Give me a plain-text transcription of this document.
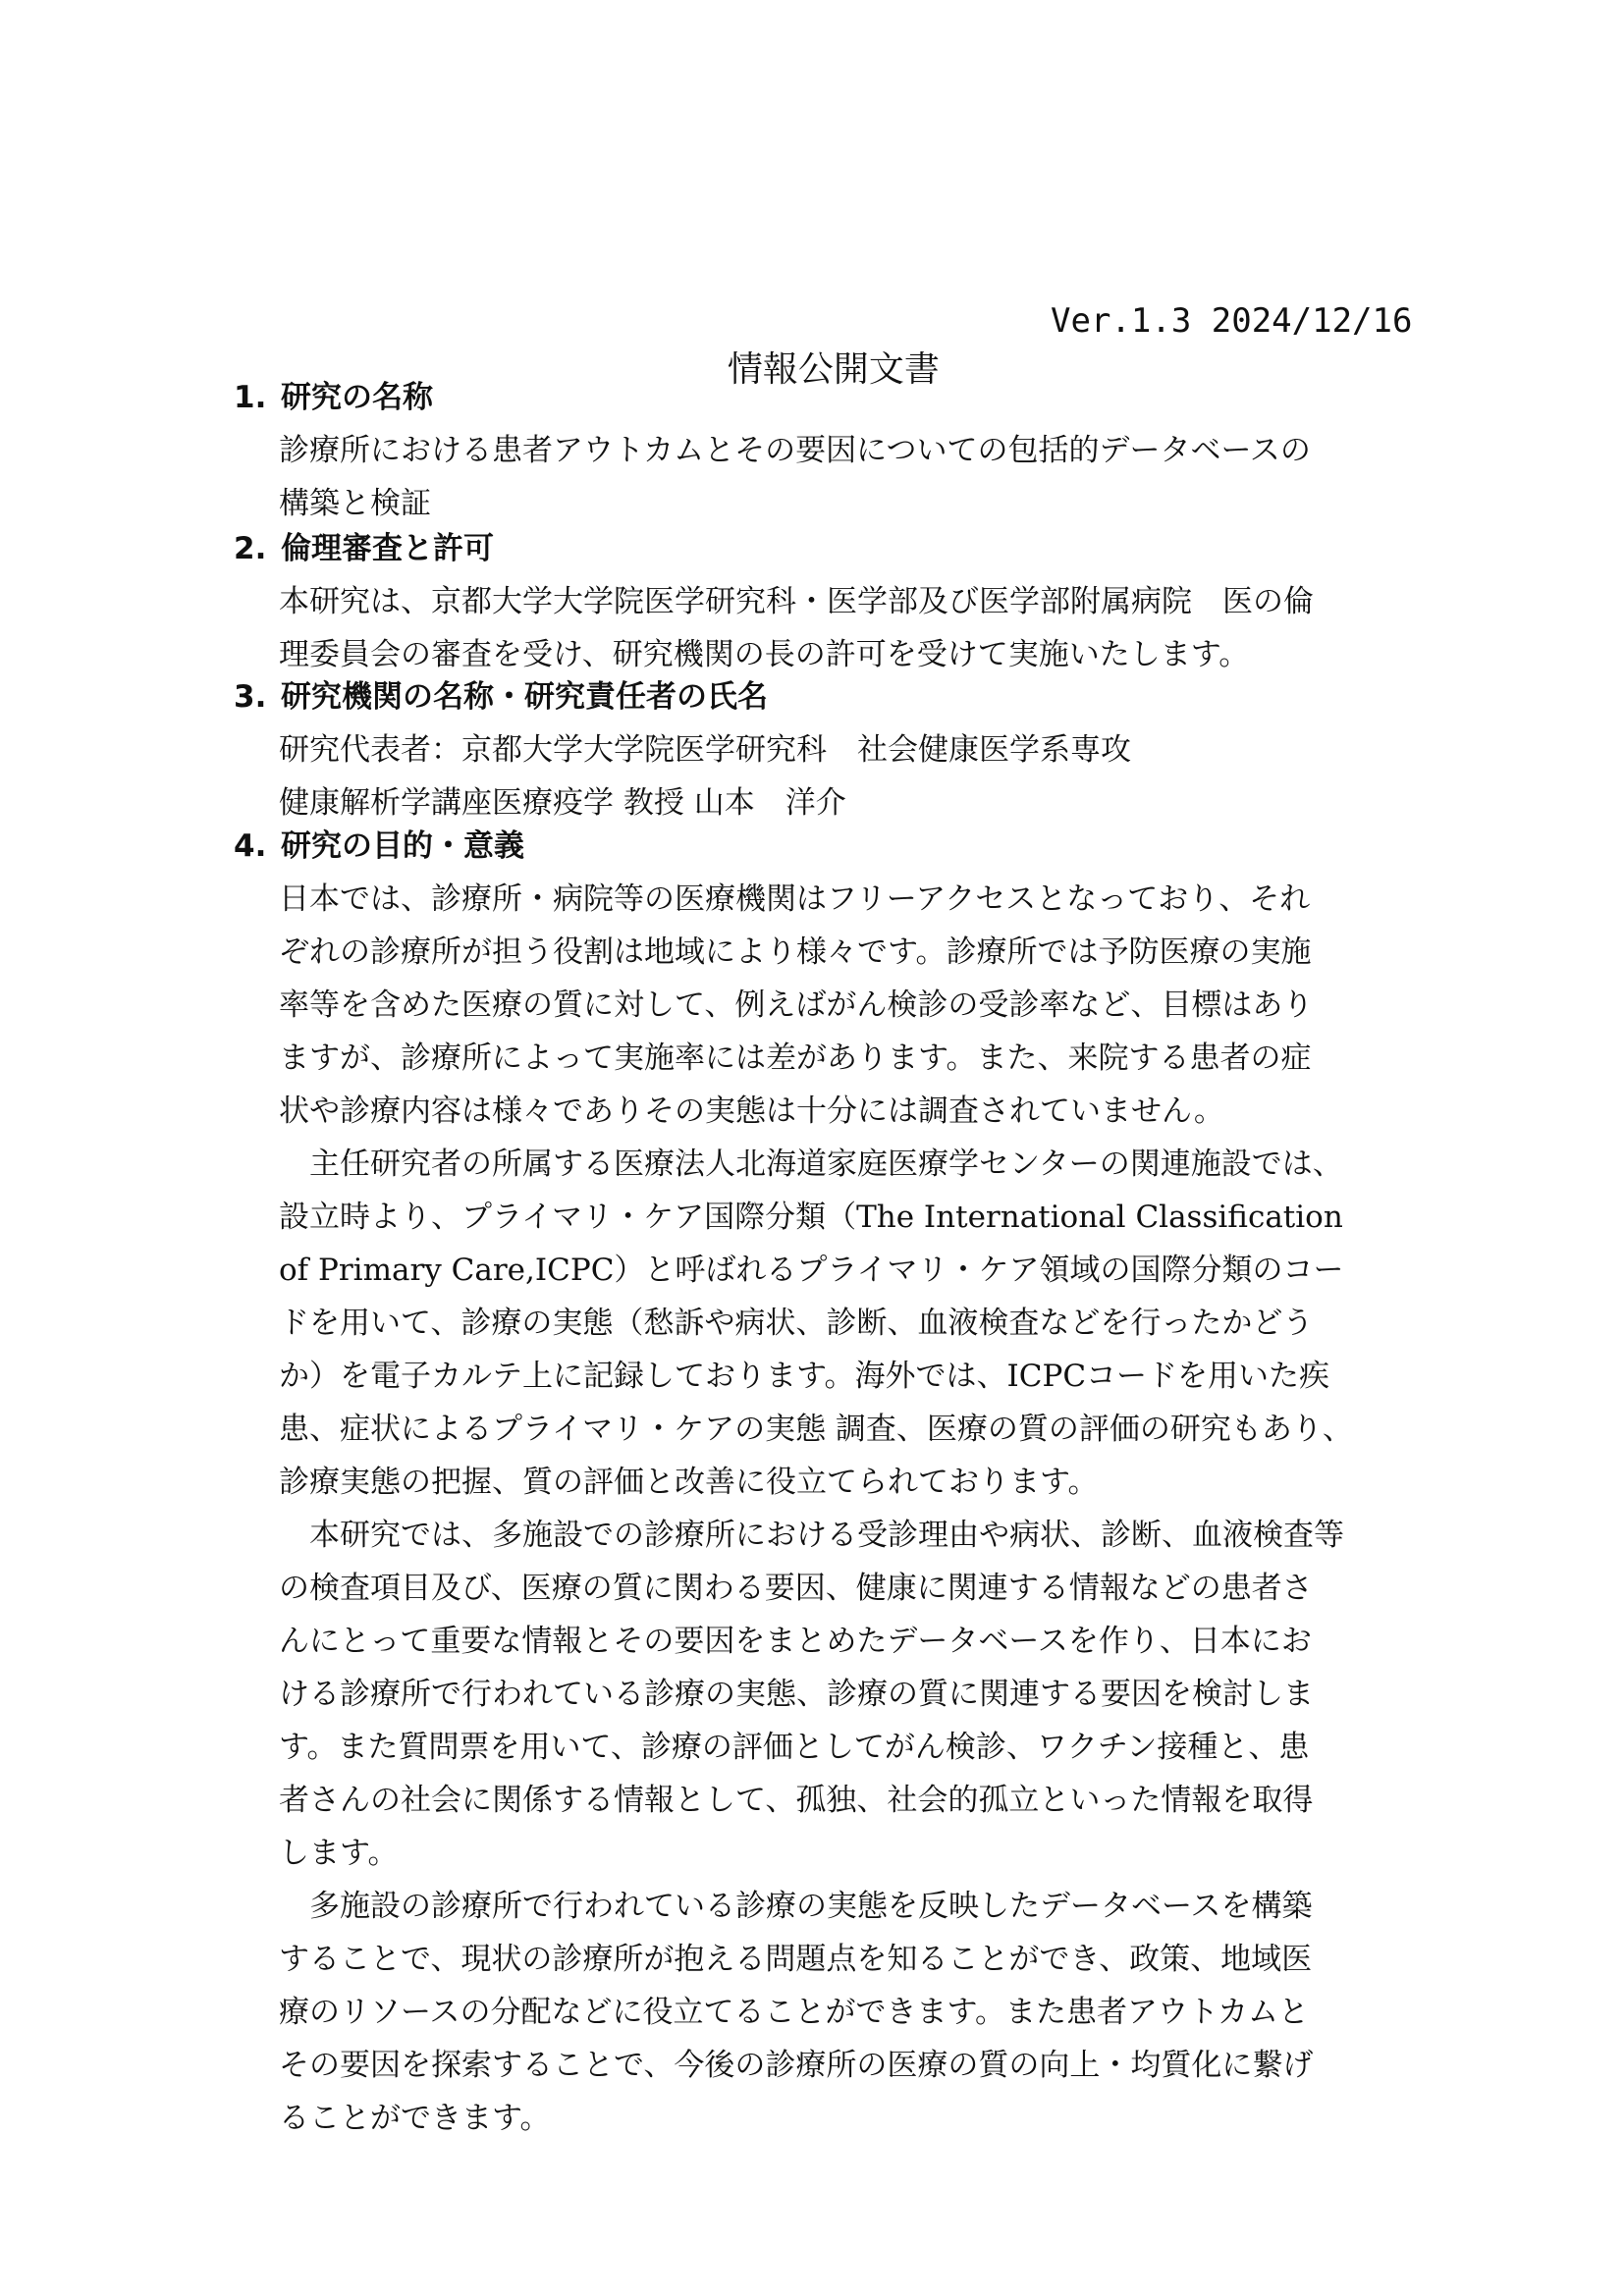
情報公開文書

Ver.1.3 2024/12/16

1. 研究の名称
診療所における患者アウトカムとその要因についての包括的データベースの
構築と検証
2. 倫理審査と許可
本研究は、京都大学大学院医学研究科・医学部及び医学部附属病院　医の倫
理委員会の審査を受け、研究機関の長の許可を受けて実施いたします。
3. 研究機関の名称・研究責任者の氏名
研究代表者：京都大学大学院医学研究科　社会健康医学系専攻
健康解析学講座医療疫学 教授 山本　洋介
4. 研究の目的・意義
日本では、診療所・病院等の医療機関はフリーアクセスとなっており、それ
ぞれの診療所が担う役割は地域により様々です。診療所では予防医療の実施
率等を含めた医療の質に対して、例えばがん検診の受診率など、目標はあり
ますが、診療所によって実施率には差があります。また、来院する患者の症
状や診療内容は様々でありその実態は十分には調査されていません。
　主任研究者の所属する医療法人北海道家庭医療学センターの関連施設では、
設立時より、プライマリ・ケア国際分類（The International Classification
of Primary Care,ICPC）と呼ばれるプライマリ・ケア領域の国際分類のコー
ドを用いて、診療の実態（愁訴や病状、診断、血液検査などを行ったかどう
か）を電子カルテ上に記録しております。海外では、ICPCコードを用いた疾
患、症状によるプライマリ・ケアの実態 調査、医療の質の評価の研究もあり、
診療実態の把握、質の評価と改善に役立てられております。
　本研究では、多施設での診療所における受診理由や病状、診断、血液検査等
の検査項目及び、医療の質に関わる要因、健康に関連する情報などの患者さ
んにとって重要な情報とその要因をまとめたデータベースを作り、日本にお
ける診療所で行われている診療の実態、診療の質に関連する要因を検討しま
す。また質問票を用いて、診療の評価としてがん検診、ワクチン接種と、患
者さんの社会に関係する情報として、孤独、社会的孤立といった情報を取得
します。
　多施設の診療所で行われている診療の実態を反映したデータベースを構築
することで、現状の診療所が抱える問題点を知ることができ、政策、地域医
療のリソースの分配などに役立てることができます。また患者アウトカムと
その要因を探索することで、今後の診療所の医療の質の向上・均質化に繋げ
ることができます。
